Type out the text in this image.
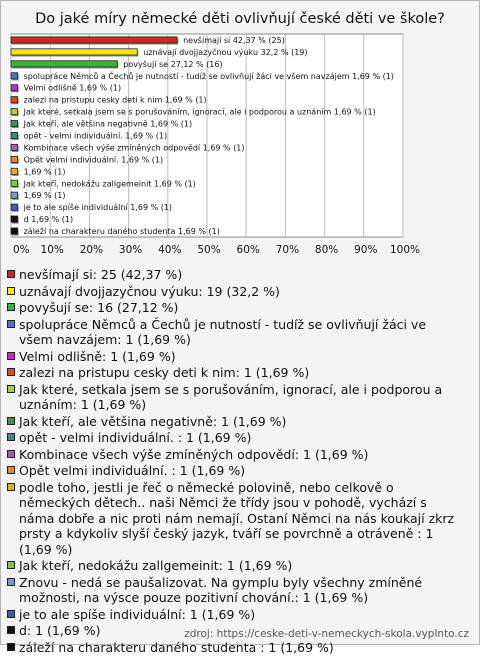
Do jaké míry německé děti ovlivňují české děti ve škole?
0% 10% 20% 30% 40% 50% 60% 70% 80% 90% 100%
nevšímají si 42,37 % (25)
uznávají dvojjazyčnou výuku 32,2 % (19)
povyšují se 27,12 % (16)
spolupráce Němců a Čechů je nutností - tudíž se ovlivňují žáci ve všem navzájem 1,69 % (1)
Velmi odlišně 1,69 % (1)
zalezi na pristupu cesky deti k nim 1,69 % (1)
Jak které, setkala jsem se s porušováním, ignorací, ale i podporou a uznáním 1,69 % (1)
Jak kteří, ale většina negativně 1,69 % (1)
opět - velmi individuální. 1,69 % (1)
Kombinace všech výše zmíněných odpovědí 1,69 % (1)
Opět velmi individuální. 1,69 % (1)
1,69 % (1)
Jak kteří, nedokážu zallgemeinit 1,69 % (1)
1,69 % (1)
je to ale spíše individuální 1,69 % (1)
d 1,69 % (1)
záleží na charakteru daného studenta 1,69 % (1)
nevšímají si: 25 (42,37 %)
uznávají dvojjazyčnou výuku: 19 (32,2 %)
povyšují se: 16 (27,12 %)
spolupráce Němců a Čechů je nutností - tudíž se ovlivňují žáci ve všem navzájem: 1 (1,69 %)
Velmi odlišně: 1 (1,69 %)
zalezi na pristupu cesky deti k nim: 1 (1,69 %)
Jak které, setkala jsem se s porušováním, ignorací, ale i podporou a uznáním: 1 (1,69 %)
Jak kteří, ale většina negativně: 1 (1,69 %)
opět - velmi individuální. : 1 (1,69 %)
Kombinace všech výše zmíněných odpovědí: 1 (1,69 %)
Opět velmi individuální. : 1 (1,69 %)
podle toho, jestli je řeč o německé polovině, nebo celkově o německých dětech.. naši Němci že třídy jsou v pohodě, vychází s náma dobře a nic proti nám nemají. Ostaní Němci na nás koukají zkrz prsty a kdykoliv slyší český jazyk, tváří se povrchně a otráveně : 1 (1,69 %)
Jak kteří, nedokážu zallgemeinit: 1 (1,69 %)
Znovu - nedá se paušalizovat. Na gymplu byly všechny zmíněné možnosti, na výsce pouze pozitivní chování.: 1 (1,69 %)
je to ale spíše individuální: 1 (1,69 %)
d: 1 (1,69 %)
záleží na charakteru daného studenta : 1 (1,69 %)
zdroj: https://ceske-deti-v-nemeckych-skola.vyplnto.cz
